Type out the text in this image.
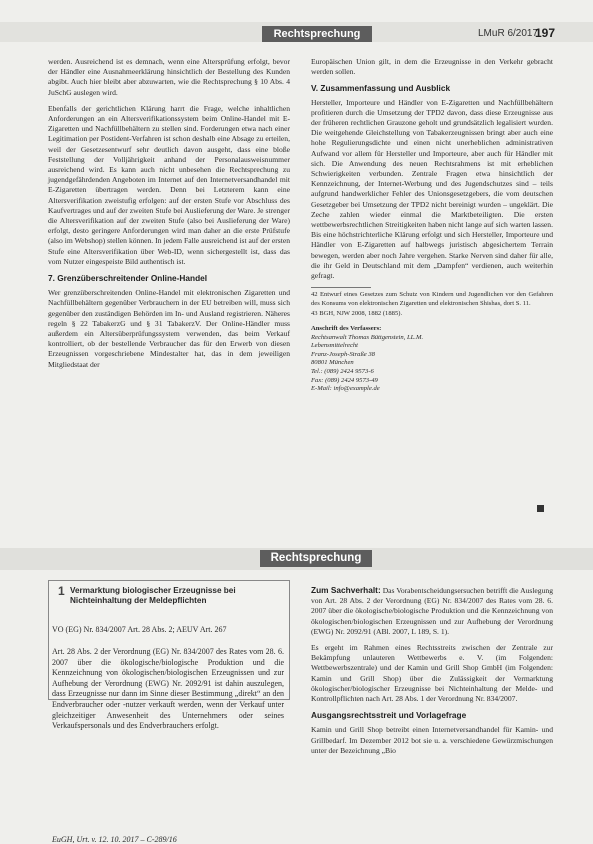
Rechtsprechung	LMuR 6/2017
197

werden. Ausreichend ist es demnach, wenn eine Altersprüfung erfolgt, bevor der Händler eine Ausnahmeerklärung hinsichtlich der Bestellung des Kunden abgibt. Auch hier bleibt aber abzuwarten, wie die Rechtsprechung § 10 Abs. 4 JuSchG auslegen wird.

Ebenfalls der gerichtlichen Klärung harrt die Frage, welche inhaltlichen Anforderungen an ein Altersverifikationssystem beim Online-Handel mit E-Zigaretten und Nachfüllbehältern zu stellen sind. Forderungen etwa nach einer Legitimation per Postident-Verfahren ist schon deshalb eine Absage zu erteilen, weil der Gesetzesentwurf sehr deutlich davon ausgeht, dass eine bloße Feststellung der Volljährigkeit anhand der Personalausweisnummer ausreichend wird. Es kann auch nicht unbesehen die Rechtsprechung zu jugendgefährdenden Angeboten im Internet auf den Internetversandhandel mit E-Zigaretten übertragen werden. Denn bei Letzterem kann eine Altersverifikation zweistufig erfolgen: auf der ersten Stufe vor Abschluss des Kaufvertrages und auf der zweiten Stufe bei Auslieferung der Ware. Je strenger die Altersverifikation auf der zweiten Stufe (also bei Auslieferung der Ware) erfolgt, desto geringere Anforderungen wird man daher an die erste Prüfstufe (also im Webshop) stellen können. In jedem Falle ausreichend ist auf der ersten Stufe eine Altersverifikation über Web-ID, wenn sichergestellt ist, dass das vom Nutzer eingespeiste Bild authentisch ist.

7. Grenzüberschreitender Online-Handel

Wer grenzüberschreitenden Online-Handel mit elektronischen Zigaretten und Nachfüllbehältern gegenüber Verbrauchern in der EU betreiben will, muss sich gegenüber den zuständigen Behörden im In- und Ausland registrieren. Näheres regeln § 22 TabakerzG und § 31 TabakerzV. Der Online-Händler muss außerdem ein Altersüberprüfungssystem verwenden, das beim Verkauf kontrolliert, ob der bestellende Verbraucher das für den Erwerb von diesen Erzeugnissen vorgeschriebene Mindestalter hat, das in dem jeweiligen Mitgliedstaat der

Europäischen Union gilt, in dem die Erzeugnisse in den Verkehr gebracht werden sollen.

V. Zusammenfassung und Ausblick

Hersteller, Importeure und Händler von E-Zigaretten und Nachfüllbehältern profitieren durch die Umsetzung der TPD2 davon, dass diese Erzeugnisse aus der früheren rechtlichen Grauzone geholt und grundsätzlich legalisiert wurden. Die weitgehende Gleichstellung von Tabakerzeugnissen bringt aber auch eine hohe Regulierungsdichte und einen nicht unerheblichen administrativen Aufwand vor allem für Hersteller und Importeure, aber auch für Händler mit sich. Die Anwendung des neuen Rechtsrahmens ist mit erheblichen Schwierigkeiten verbunden. Zentrale Fragen etwa hinsichtlich der Kennzeichnung, der Internet-Werbung und des Jugendschutzes sind – teils aufgrund handwerklicher Fehler des Unionsgesetzgebers, die vom deutschen Gesetzgeber bei Umsetzung der TPD2 nicht bereinigt wurden – ungeklärt. Die Zeche zahlen wieder einmal die Marktbeteiligten. Die ersten wettbewerbsrechtlichen Streitigkeiten haben nicht lange auf sich warten lassen. Bis eine höchstrichterliche Klärung erfolgt und sich Hersteller, Importeure und Händler von E-Zigaretten auf halbwegs juristisch abgesichertem Terrain bewegen, werden aber noch Jahre vergehen. Starke Nerven sind daher für alle, die ihr Geld in Deutschland mit dem „Dampfen“ verdienen, auch weiterhin gefragt.

42 Entwurf eines Gesetzes zum Schutz von Kindern und Jugendlichen vor den Gefahren des Konsums von elektronischen Zigaretten und elektronischen Shishas, dort S. 11.

43 BGH, NJW 2008, 1882 (1885).

Anschrift des Verfassers:

Rechtsanwalt Thomas Büttgenstein, LL.M.
Lebensmittelrecht
Franz-Joseph-Straße 38
80801 München
Tel.: (089) 2424 9573-6
Fax: (089) 2424 9573-49
E-Mail: info@example.de
Rechtsprechung
1 Vermarktung biologischer Erzeugnisse bei Nichteinhaltung der Meldepflichten
VO (EG) Nr. 834/2007 Art. 28 Abs. 2; AEUV Art. 267
Art. 28 Abs. 2 der Verordnung (EG) Nr. 834/2007 des Rates vom 28. 6. 2007 über die ökologische/biologische Produktion und die Kennzeichnung von ökologischen/biologischen Erzeugnissen und zur Aufhebung der Verordnung (EWG) Nr. 2092/91 ist dahin auszulegen, dass Erzeugnisse nur dann im Sinne dieser Bestimmung „direkt“ an den Endverbraucher oder -nutzer verkauft werden, wenn der Verkauf unter gleichzeitiger Anwesenheit des Unternehmers oder seines Verkaufspersonals und des Endverbrauchers erfolgt.
EuGH, Urt. v. 12. 10. 2017 – C-289/16

Zum Sachverhalt: Das Vorabentscheidungsersuchen betrifft die Auslegung von Art. 28 Abs. 2 der Verordnung (EG) Nr. 834/2007 des Rates vom 28. 6. 2007 über die ökologische/biologische Produktion und die Kennzeichnung von ökologischen/biologischen Erzeugnissen und zur Aufhebung der Verordnung (EWG) Nr. 2092/91 (ABl. 2007, L 189, S. 1).

Es ergeht im Rahmen eines Rechtsstreits zwischen der Zentrale zur Bekämpfung unlauteren Wettbewerbs e. V. (im Folgenden: Wettbewerbszentrale) und der Kamin und Grill Shop GmbH (im Folgenden: Kamin und Grill Shop) über die Zulässigkeit der Vermarktung ökologischer/biologischer Erzeugnisse bei Nichteinhaltung der Melde- und Kontrollpflichten nach Art. 28 Abs. 1 der Verordnung Nr. 834/2007.

Ausgangsrechtsstreit und Vorlagefrage

Kamin und Grill Shop betreibt einen Internetversandhandel für Kamin- und Grillbedarf. Im Dezember 2012 bot sie u. a. verschiedene Gewürzmischungen unter der Bezeichnung „Bio
